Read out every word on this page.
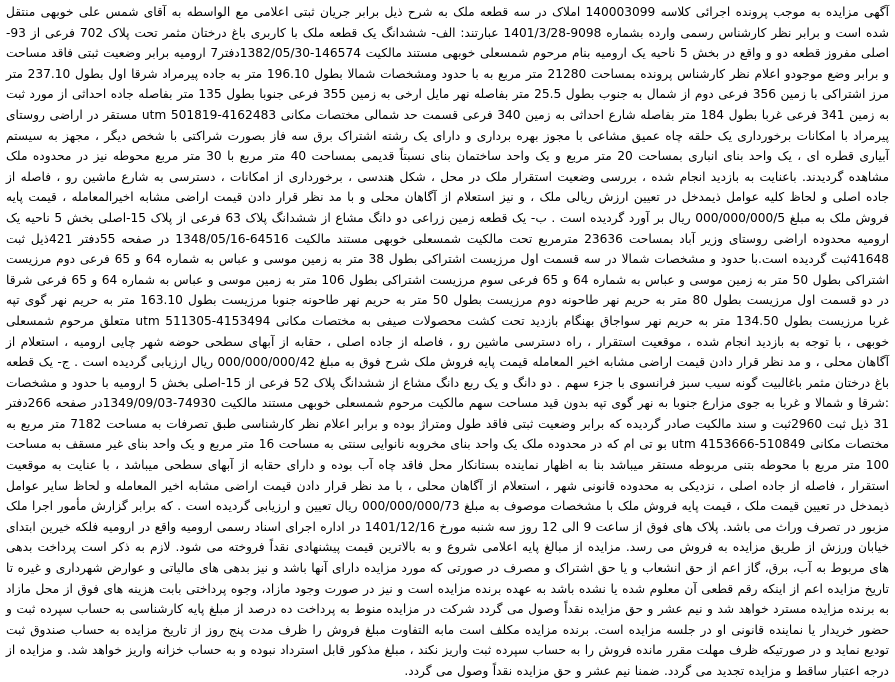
آگهی مزایده به موجب پرونده اجرائی کلاسه 140003099 املاک در سه قطعه ملک به شرح ذیل برابر جریان ثبتی اعلامی مع الواسطه به آقای شمس علی خوبهی منتقل شده است و برابر نظر کارشناس رسمی وارده بشماره 9098-1401/3/28 عبارتند: الف- ششدانگ یک قطعه ملک با کاربری باغ درختان مثمر تحت پلاک 702 فرعی از 93-اصلی مفروز قطعه دو و واقع در بخش 5 ناحیه یک ارومیه بنام مرحوم شمسعلی خوبهی مستند مالکیت 146574-1382/05/30دفتر7 ارومیه برابر وضعیت ثبتی فاقد مساحت و برابر وضع موجودو اعلام نظر کارشناس پرونده بمساحت 21280 متر مربع به با حدود ومشخصات شمالا بطول 196.10 متر به جاده پیرمراد شرقا اول بطول 237.10 متر مرز اشتراکی با زمین 356 فرعی دوم از شمال به جنوب بطول 25.5 متر بفاصله نهر مایل ارخی به زمین 355 فرعی جنوبا بطول 135 متر بفاصله جاده احداثی از مورد ثبت به زمین 341 فرعی غربا بطول 184 متر بفاصله شارع احداثی به زمین 340 فرعی قسمت حد شمالی مختصات مکانی utm 501819-4162483 مستقر در اراضی روستای پیرمراد با امکانات برخورداری یک حلقه چاه عمیق مشاعی با مجوز بهره برداری و دارای یک رشته اشتراک برق سه فاز بصورت شراکتی با شخص دیگر ، مجهز به سیستم آبیاری قطره ای ، یک واحد بنای انباری بمساحت 20 متر مربع و یک واحد ساختمان بنای نسبتاً قدیمی بمساحت 40 متر مربع با 30 متر مربع محوطه نیز در محدوده ملک مشاهده گردیدند. باعنایت به بازدید انجام شده ، بررسی وضعیت استقرار ملک در محل ، شکل هندسی ، برخورداری از امکانات ، دسترسی به شارع ماشین رو ، فاصله از جاده اصلی و لحاظ کلیه عوامل ذیمدخل در تعیین ارزش ریالی ملک ، و نیز استعلام از آگاهان محلی و با مد نظر قرار دادن قیمت اراضی مشابه اخیرالمعامله ، قیمت پایه فروش ملک به مبلغ 000/000/000/5 ریال بر آورد گردیده است . ب- یک قطعه زمین زراعی دو دانگ مشاع از ششدانگ پلاک 63 فرعی از پلاک 15-اصلی بخش 5 ناحیه یک ارومیه محدوده اراضی روستای وزیر آباد بمساحت 23636 مترمربع تحت مالکیت شمسعلی خوبهی مستند مالکیت 64516-1348/05/16 در صفحه 55دفتر 421ذیل ثبت 41648ثبت گردیده است.با حدود و مشخصات شمالا در سه قسمت اول مرزیست اشتراکی بطول 38 متر به زمین موسی و عباس به شماره 64 و 65 فرعی دوم مرزیست اشتراکی بطول 50 متر به زمین موسی و عباس به شماره 64 و 65 فرعی سوم مرزیست اشتراکی بطول 106 متر به زمین موسی و عباس به شماره 64 و 65 فرعی شرقا در دو قسمت اول مرزیست بطول 80 متر به حریم نهر طاحونه دوم مرزیست بطول 50 متر به حریم نهر طاحونه جنوبا مرزیست بطول 163.10 متر به حریم نهر گوی تپه غربا مرزیست بطول 134.50 متر به حریم نهر سواجاق بهنگام بازدید تحت کشت محصولات صیفی به مختصات مکانی utm 511305-4153494 متعلق مرحوم شمسعلی خوبهی ، با توجه به بازدید انجام شده ، موقعیت استقرار ، راه دسترسی ماشین رو ، فاصله از جاده اصلی ، حقابه از آبهای سطحی حوضه شهر چایی ارومیه ، استعلام از آگاهان محلی ، و مد نظر قرار دادن قیمت اراضی مشابه اخیر المعامله قیمت پایه فروش ملک شرح فوق به مبلغ 000/000/000/42 ریال ارزیابی گردیده است . ج- یک قطعه باغ درختان مثمر باغالبیت گونه سیب سبز فرانسوی با جزء سهم . دو دانگ و یک ربع دانگ مشاع از ششدانگ پلاک 52 فرعی از 15-اصلی بخش 5 ارومیه با حدود و مشخصات :شرقا و شمالا و غربا به جوی مزارع جنوبا به نهر گوی تپه بدون قید مساحت سهم مالکیت مرحوم شمسعلی خوبهی مستند مالکیت 74930-1349/09/03در صفحه 266دفتر 31 ذیل ثبت 2960ثبت و سند مالکیت صادر گردیده که برابر وضعیت ثبتی فاقد طول ومتراژ بوده و برابر اعلام نظر کارشناسی طبق تصرفات به مساحت 7182 متر مربع به مختصات مکانی 510849-4153666 utm بو تی ام که در محدوده ملک یک واحد بنای مخروبه نانوایی سنتی به مساحت 16 متر مربع و یک واحد بنای غیر مسقف به مساحت 100 متر مربع با محوطه بتنی مربوطه مستقر میباشد بنا به اظهار نماینده بستانکار محل فاقد چاه آب بوده و دارای حقابه از آبهای سطحی میباشد ، با عنایت به موقعیت استقرار ، فاصله از جاده اصلی ، نزدیکی به محدوده قانونی شهر ، استعلام از آگاهان محلی ، با مد نظر قرار دادن قیمت اراضی مشابه اخیر المعامله و لحاظ سایر عوامل ذیمدخل در تعیین قیمت ملک ، قیمت پایه فروش ملک با مشخصات موصوف به مبلغ 000/000/000/73 ریال تعیین و ارزیابی گردیده است . که برابر گزارش مأمور اجرا ملک مزبور در تصرف وراث می باشد. پلاک های فوق از ساعت 9 الی 12 روز سه شنبه مورخ 1401/12/16 در اداره اجرای اسناد رسمی ارومیه واقع در ارومیه فلکه خیرین ابتدای خیابان ورزش از طریق مزایده به فروش می رسد. مزایده از مبالغ پایه اعلامی شروع و به بالاترین قیمت پیشنهادی نقداً فروخته می شود. لازم به ذکر است پرداخت بدهی های مربوط به آب، برق، گاز اعم از حق انشعاب و یا حق اشتراک و مصرف در صورتی که مورد مزایده دارای آنها باشد و نیز بدهی های مالیاتی و عوارض شهرداری و غیره تا تاریخ مزایده اعم از اینکه رقم قطعی آن معلوم شده یا نشده باشد به عهده برنده مزایده است و نیز در صورت وجود مازاد، وجوه پرداختی بابت هزینه های فوق از محل مازاد به برنده مزایده مسترد خواهد شد و نیم عشر و حق مزایده نقداً وصول می گردد شرکت در مزایده منوط به پرداخت ده درصد از مبلغ پایه کارشناسی به حساب سپرده ثبت و حضور خریدار یا نماینده قانونی او در جلسه مزایده است. برنده مزایده مکلف است مابه التفاوت مبلغ فروش را ظرف مدت پنج روز از تاریخ مزایده به حساب صندوق ثبت تودیع نماید و در صورتیکه ظرف مهلت مقرر مانده فروش را به حساب سپرده ثبت واریز نکند ، مبلغ مذکور قابل استرداد نبوده و به حساب خزانه واریز خواهد شد. و مزایده از درجه اعتبار ساقط و مزایده تجدید می گردد. ضمنا نیم عشر و حق مزایده نقداً وصول می گردد.
